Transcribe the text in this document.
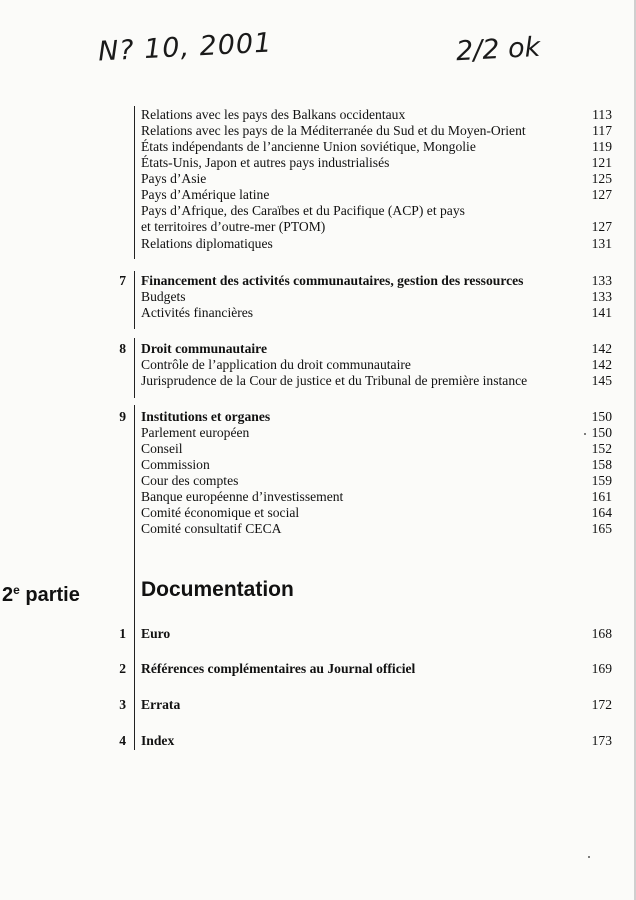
N? 10, 2001	2/2 ok
Relations avec les pays des Balkans occidentaux	113
Relations avec les pays de la Méditerranée du Sud et du Moyen-Orient	117
États indépendants de l’ancienne Union soviétique, Mongolie	119
États-Unis, Japon et autres pays industrialisés	121
Pays d’Asie	125
Pays d’Amérique latine	127
Pays d’Afrique, des Caraïbes et du Pacifique (ACP) et pays
et territoires d’outre-mer (PTOM)	127
Relations diplomatiques	131
7 Financement des activités communautaires, gestion des ressources	133
Budgets	133
Activités financières	141
8 Droit communautaire	142
Contrôle de l’application du droit communautaire	142
Jurisprudence de la Cour de justice et du Tribunal de première instance	145
9 Institutions et organes	150
Parlement européen	150
Conseil	152
Commission	158
Cour des comptes	159
Banque européenne d’investissement	161
Comité économique et social	164
Comité consultatif CECA	165
2e partie	Documentation
1 Euro	168
2 Références complémentaires au Journal officiel	169
3 Errata	172
4 Index	173
